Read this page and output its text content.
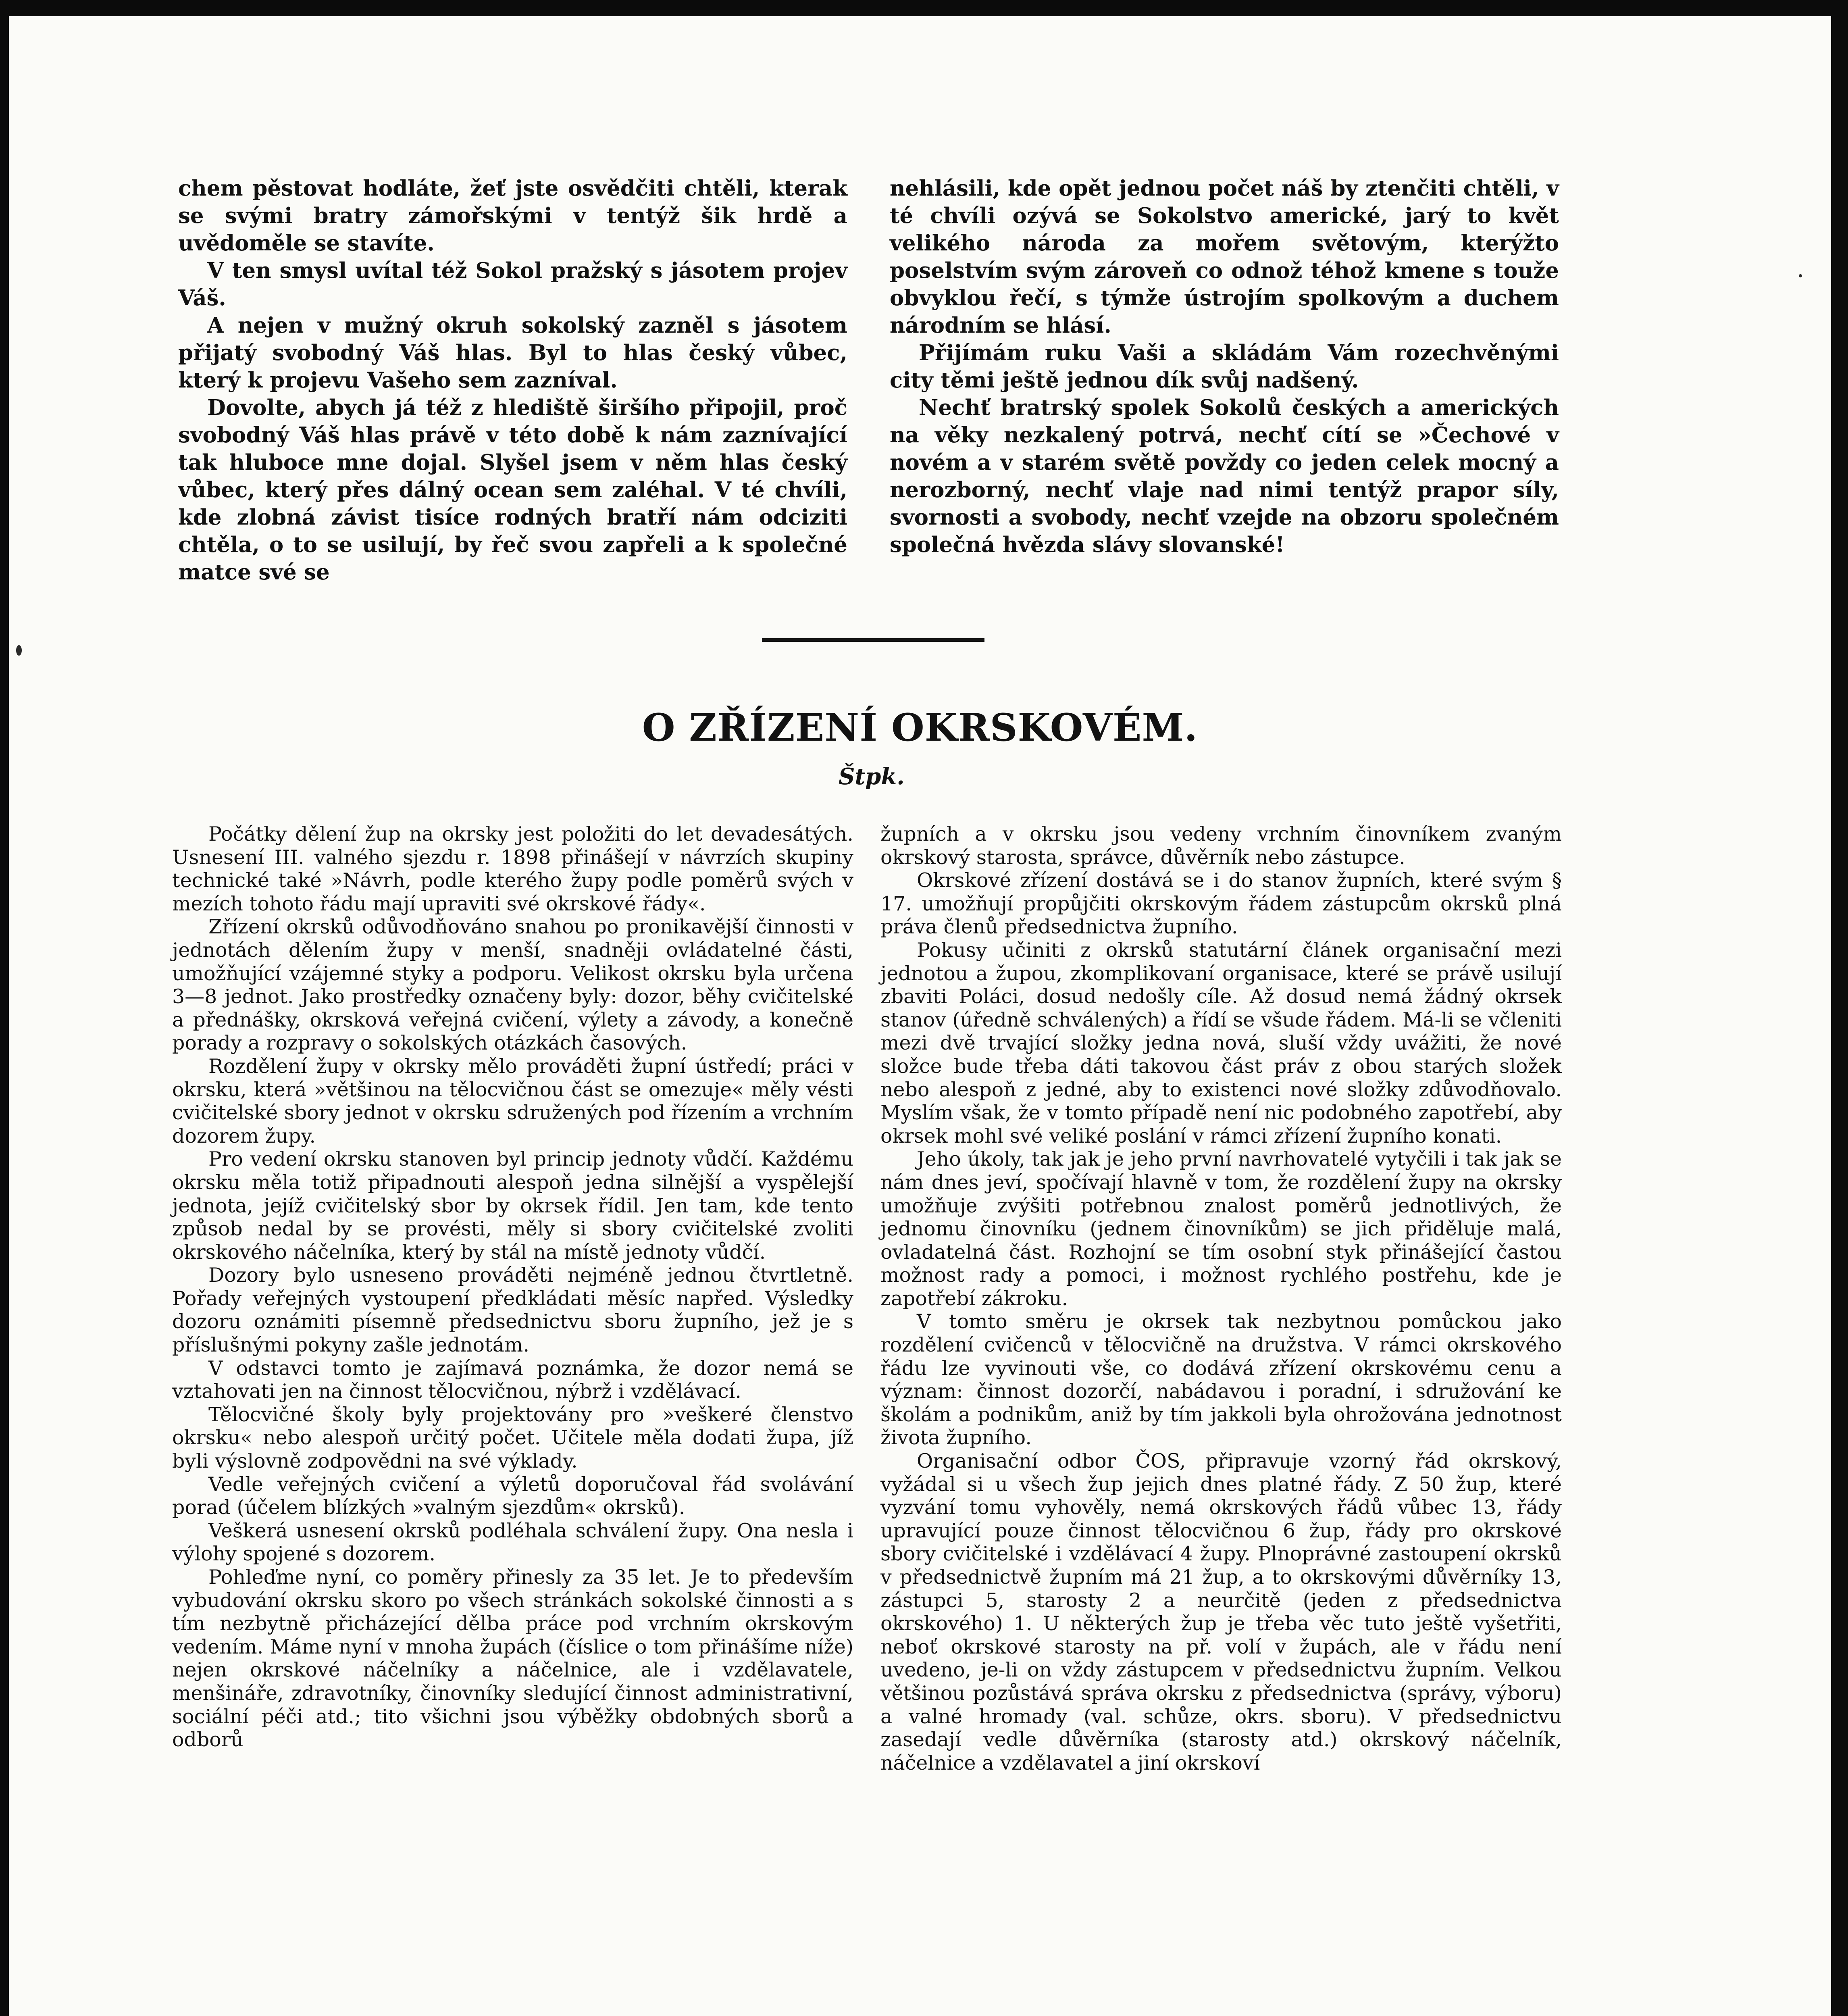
chem pěstovat hodláte, žeť jste osvědčiti chtěli, kterak se svými bratry zámořskými v tentýž šik hrdě a uvědoměle se stavíte.

V ten smysl uvítal též Sokol pražský s jásotem projev Váš.

A nejen v mužný okruh sokolský zazněl s jásotem přijatý svobodný Váš hlas. Byl to hlas český vůbec, který k projevu Vašeho sem zazníval.

Dovolte, abych já též z hlediště širšího připojil, proč svobodný Váš hlas právě v této době k nám zaznívající tak hluboce mne dojal. Slyšel jsem v něm hlas český vůbec, který přes dálný ocean sem zaléhal. V té chvíli, kde zlobná závist tisíce rodných bratří nám odciziti chtěla, o to se usilují, by řeč svou zapřeli a k společné matce své se

nehlásili, kde opět jednou počet náš by ztenčiti chtěli, v té chvíli ozývá se Sokolstvo americké, jarý to květ velikého národa za mořem světovým, kterýžto poselstvím svým zároveň co odnož téhož kmene s touže obvyklou řečí, s týmže ústrojím spolkovým a duchem národním se hlásí.

Přijímám ruku Vaši a skládám Vám rozechvěnými city těmi ještě jednou dík svůj nadšený.

Nechť bratrský spolek Sokolů českých a amerických na věky nezkalený potrvá, nechť cítí se »Čechové v novém a v starém světě povždy co jeden celek mocný a nerozborný, nechť vlaje nad nimi tentýž prapor síly, svornosti a svobody, nechť vzejde na obzoru společném společná hvězda slávy slovanské!

O ZŘÍZENÍ OKRSKOVÉM.
Štpk.

Počátky dělení žup na okrsky jest položiti do let devadesátých. Usnesení III. valného sjezdu r. 1898 přinášejí v návrzích skupiny technické také »Návrh, podle kterého župy podle poměrů svých v mezích tohoto řádu mají upraviti své okrskové řády«.

Zřízení okrsků odůvodňováno snahou po pronikavější činnosti v jednotách dělením župy v menší, snadněji ovládatelné části, umožňující vzájemné styky a podporu. Velikost okrsku byla určena 3—8 jednot. Jako prostředky označeny byly: dozor, běhy cvičitelské a přednášky, okrsková veřejná cvičení, výlety a závody, a konečně porady a rozpravy o sokolských otázkách časových.

Rozdělení župy v okrsky mělo prováděti župní ústředí; práci v okrsku, která »většinou na tělocvičnou část se omezuje« měly vésti cvičitelské sbory jednot v okrsku sdružených pod řízením a vrchním dozorem župy.

Pro vedení okrsku stanoven byl princip jednoty vůdčí. Každému okrsku měla totiž připadnouti alespoň jedna silnější a vyspělejší jednota, jejíž cvičitelský sbor by okrsek řídil. Jen tam, kde tento způsob nedal by se provésti, měly si sbory cvičitelské zvoliti okrskového náčelníka, který by stál na místě jednoty vůdčí.

Dozory bylo usneseno prováděti nejméně jednou čtvrtletně. Pořady veřejných vystoupení předkládati měsíc napřed. Výsledky dozoru oznámiti písemně předsednictvu sboru župního, jež je s příslušnými pokyny zašle jednotám.

V odstavci tomto je zajímavá poznámka, že dozor nemá se vztahovati jen na činnost tělocvičnou, nýbrž i vzdělávací.

Tělocvičné školy byly projektovány pro »veškeré členstvo okrsku« nebo alespoň určitý počet. Učitele měla dodati župa, jíž byli výslovně zodpovědni na své výklady.

Vedle veřejných cvičení a výletů doporučoval řád svolávání porad (účelem blízkých »valným sjezdům« okrsků).

Veškerá usnesení okrsků podléhala schválení župy. Ona nesla i výlohy spojené s dozorem.

Pohleďme nyní, co poměry přinesly za 35 let. Je to především vybudování okrsku skoro po všech stránkách sokolské činnosti a s tím nezbytně přicházející dělba práce pod vrchním okrskovým vedením. Máme nyní v mnoha župách (číslice o tom přinášíme níže) nejen okrskové náčelníky a náčelnice, ale i vzdělavatele, menšináře, zdravotníky, činovníky sledující činnost administrativní, sociální péči atd.; tito všichni jsou výběžky obdobných sborů a odborů

župních a v okrsku jsou vedeny vrchním činovníkem zvaným okrskový starosta, správce, důvěrník nebo zástupce.

Okrskové zřízení dostává se i do stanov župních, které svým § 17. umožňují propůjčiti okrskovým řádem zástupcům okrsků plná práva členů předsednictva župního.

Pokusy učiniti z okrsků statutární článek organisační mezi jednotou a župou, zkomplikovaní organisace, které se právě usilují zbaviti Poláci, dosud nedošly cíle. Až dosud nemá žádný okrsek stanov (úředně schválených) a řídí se všude řádem. Má-li se včleniti mezi dvě trvající složky jedna nová, sluší vždy uvážiti, že nové složce bude třeba dáti takovou část práv z obou starých složek nebo alespoň z jedné, aby to existenci nové složky zdůvodňovalo. Myslím však, že v tomto případě není nic podobného zapotřebí, aby okrsek mohl své veliké poslání v rámci zřízení župního konati.

Jeho úkoly, tak jak je jeho první navrhovatelé vytyčili i tak jak se nám dnes jeví, spočívají hlavně v tom, že rozdělení župy na okrsky umožňuje zvýšiti potřebnou znalost poměrů jednotlivých, že jednomu činovníku (jednem činovníkům) se jich přiděluje malá, ovladatelná část. Rozhojní se tím osobní styk přinášející častou možnost rady a pomoci, i možnost rychlého postřehu, kde je zapotřebí zákroku.

V tomto směru je okrsek tak nezbytnou pomůckou jako rozdělení cvičenců v tělocvičně na družstva. V rámci okrskového řádu lze vyvinouti vše, co dodává zřízení okrskovému cenu a význam: činnost dozorčí, nabádavou i poradní, i sdružování ke školám a podnikům, aniž by tím jakkoli byla ohrožována jednotnost života župního.

Organisační odbor ČOS, připravuje vzorný řád okrskový, vyžádal si u všech žup jejich dnes platné řády. Z 50 žup, které vyzvání tomu vyhověly, nemá okrskových řádů vůbec 13, řády upravující pouze činnost tělocvičnou 6 žup, řády pro okrskové sbory cvičitelské i vzdělávací 4 župy. Plnoprávné zastoupení okrsků v předsednictvě župním má 21 žup, a to okrskovými důvěrníky 13, zástupci 5, starosty 2 a neurčitě (jeden z předsednictva okrskového) 1. U některých žup je třeba věc tuto ještě vyšetřiti, neboť okrskové starosty na př. volí v župách, ale v řádu není uvedeno, je-li on vždy zástupcem v předsednictvu župním. Velkou většinou pozůstává správa okrsku z předsednictva (správy, výboru) a valné hromady (val. schůze, okrs. sboru). V předsednictvu zasedají vedle důvěrníka (starosty atd.) okrskový náčelník, náčelnice a vzdělavatel a jiní okrskoví
